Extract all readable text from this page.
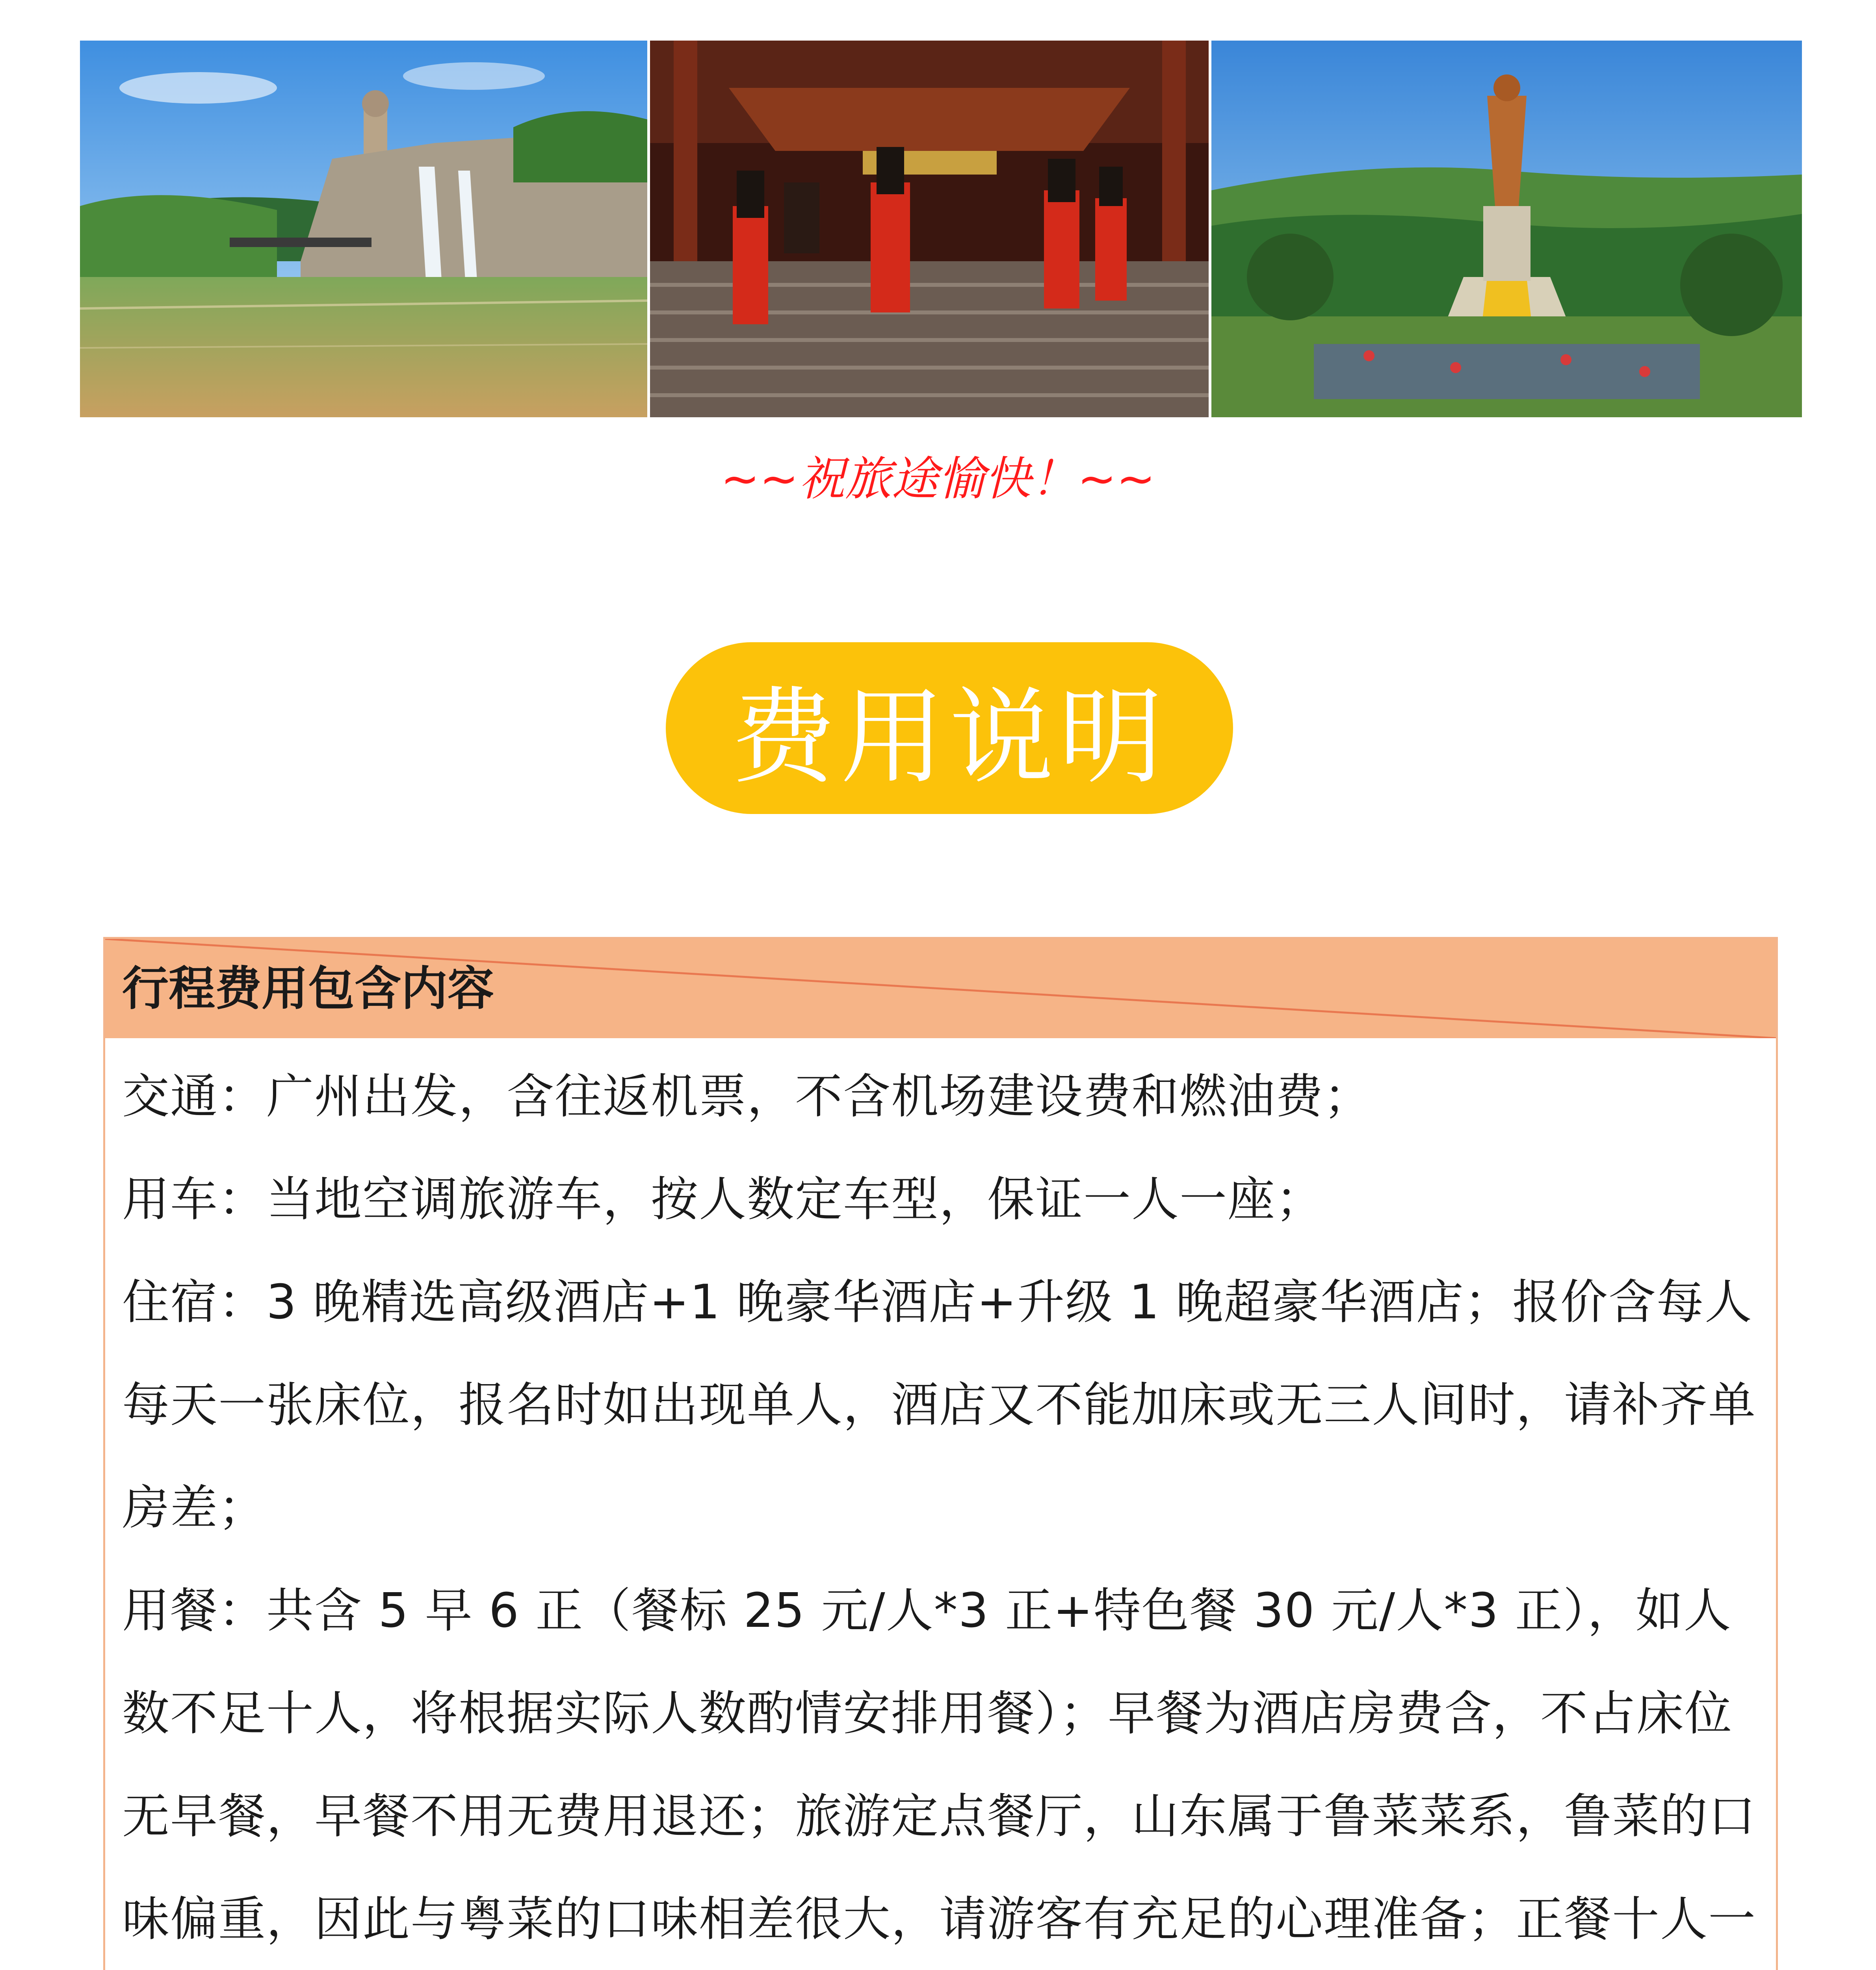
~~祝旅途愉快！~~
费用说明
行程费用包含内容

交通：广州出发，含往返机票，不含机场建设费和燃油费；

用车：当地空调旅游车，按人数定车型，保证一人一座；

住宿：3 晚精选高级酒店+1 晚豪华酒店+升级 1 晚超豪华酒店；报价含每人每天一张床位，报名时如出现单人，酒店又不能加床或无三人间时，请补齐单房差；

用餐：共含 5 早 6 正（餐标 25 元/人*3 正+特色餐 30 元/人*3 正），如人数不足十人，将根据实际人数酌情安排用餐）；早餐为酒店房费含，不占床位无早餐，早餐不用无费用退还；旅游定点餐厅，山东属于鲁菜菜系，鲁菜的口味偏重，因此与粤菜的口味相差很大，请游客有充足的心理准备；正餐十人一
